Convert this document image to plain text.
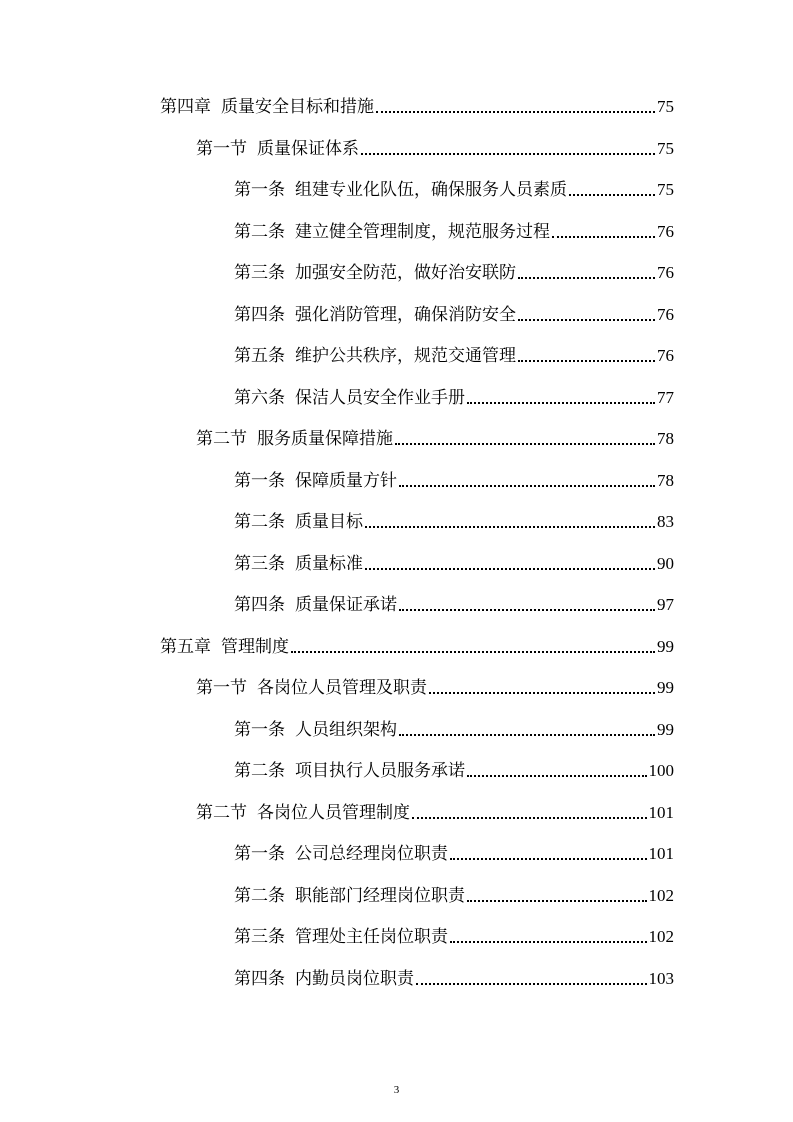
第四章 质量安全目标和措施	75
第一节 质量保证体系	75
第一条 组建专业化队伍，确保服务人员素质	75
第二条 建立健全管理制度，规范服务过程	76
第三条 加强安全防范，做好治安联防	76
第四条 强化消防管理，确保消防安全	76
第五条 维护公共秩序，规范交通管理	76
第六条 保洁人员安全作业手册	77
第二节 服务质量保障措施	78
第一条 保障质量方针	78
第二条 质量目标	83
第三条 质量标准	90
第四条 质量保证承诺	97
第五章 管理制度	99
第一节 各岗位人员管理及职责	99
第一条 人员组织架构	99
第二条 项目执行人员服务承诺	100
第二节 各岗位人员管理制度	101
第一条 公司总经理岗位职责	101
第二条 职能部门经理岗位职责	102
第三条 管理处主任岗位职责	102
第四条 内勤员岗位职责	103
3
